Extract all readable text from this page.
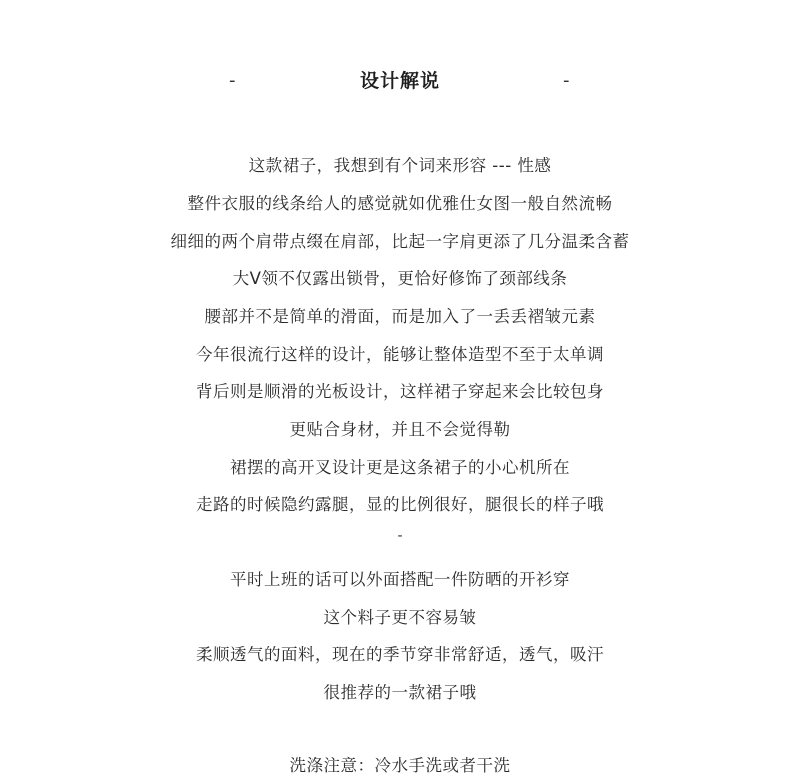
-	设计解说	-
这款裙子，我想到有个词来形容 --- 性感
整件衣服的线条给人的感觉就如优雅仕女图一般自然流畅
细细的两个肩带点缀在肩部，比起一字肩更添了几分温柔含蓄
大V领不仅露出锁骨，更恰好修饰了颈部线条
腰部并不是简单的滑面，而是加入了一丢丢褶皱元素
今年很流行这样的设计，能够让整体造型不至于太单调
背后则是顺滑的光板设计，这样裙子穿起来会比较包身
更贴合身材，并且不会觉得勒
裙摆的高开叉设计更是这条裙子的小心机所在
走路的时候隐约露腿，显的比例很好，腿很长的样子哦
-
平时上班的话可以外面搭配一件防晒的开衫穿
这个料子更不容易皱
柔顺透气的面料，现在的季节穿非常舒适，透气，吸汗
很推荐的一款裙子哦
洗涤注意：冷水手洗或者干洗
